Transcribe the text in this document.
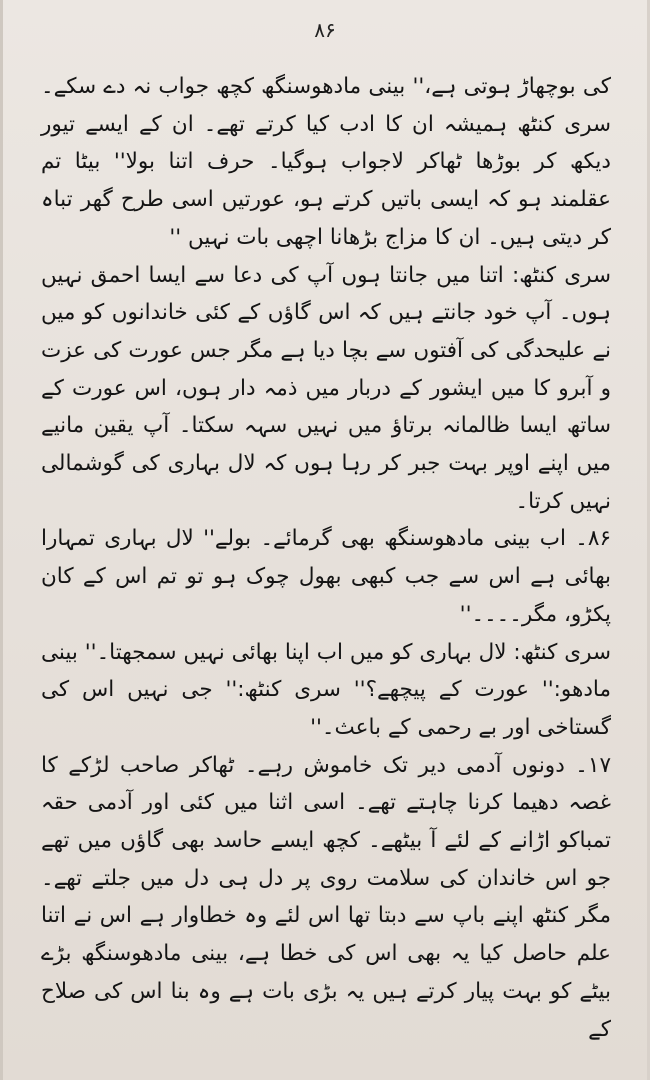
۸۶

کی بوچھاڑ ہوتی ہے،'' بینی مادھوسنگھ کچھ جواب نہ دے سکے۔ سری کنٹھ ہمیشہ ان کا ادب کیا کرتے تھے۔ ان کے ایسے تیور دیکھ کر بوڑھا ٹھاکر لاجواب ہوگیا۔ حرف اتنا بولا'' بیٹا تم عقلمند ہو کہ ایسی باتیں کرتے ہو، عورتیں اسی طرح گھر تباہ کر دیتی ہیں۔ ان کا مزاج بڑھانا اچھی بات نہیں ''

سری کنٹھ: اتنا میں جانتا ہوں آپ کی دعا سے ایسا احمق نہیں ہوں۔ آپ خود جانتے ہیں کہ اس گاؤں کے کئی خاندانوں کو میں نے علیحدگی کی آفتوں سے بچا دیا ہے مگر جس عورت کی عزت و آبرو کا میں ایشور کے دربار میں ذمہ دار ہوں، اس عورت کے ساتھ ایسا ظالمانہ برتاؤ میں نہیں سہہ سکتا۔ آپ یقین مانیے میں اپنے اوپر بہت جبر کر رہا ہوں کہ لال بہاری کی گوشمالی نہیں کرتا۔

۸۶۔ اب بینی مادھوسنگھ بھی گرمائے۔ بولے'' لال بہاری تمہارا بھائی ہے اس سے جب کبھی بھول چوک ہو تو تم اس کے کان پکڑو، مگر۔۔۔۔''

سری کنٹھ: لال بہاری کو میں اب اپنا بھائی نہیں سمجھتا۔'' بینی مادھو:'' عورت کے پیچھے؟'' سری کنٹھ:'' جی نہیں اس کی گستاخی اور بے رحمی کے باعث۔''

۱۷۔ دونوں آدمی دیر تک خاموش رہے۔ ٹھاکر صاحب لڑکے کا غصہ دھیما کرنا چاہتے تھے۔ اسی اثنا میں کئی اور آدمی حقہ تمباکو اڑانے کے لئے آ بیٹھے۔ کچھ ایسے حاسد بھی گاؤں میں تھے جو اس خاندان کی سلامت روی پر دل ہی دل میں جلتے تھے۔ مگر کنٹھ اپنے باپ سے دبتا تھا اس لئے وہ خطاوار ہے اس نے اتنا علم حاصل کیا یہ بھی اس کی خطا ہے، بینی مادھوسنگھ بڑے بیٹے کو بہت پیار کرتے ہیں یہ بڑی بات ہے وہ بنا اس کی صلاح کے
